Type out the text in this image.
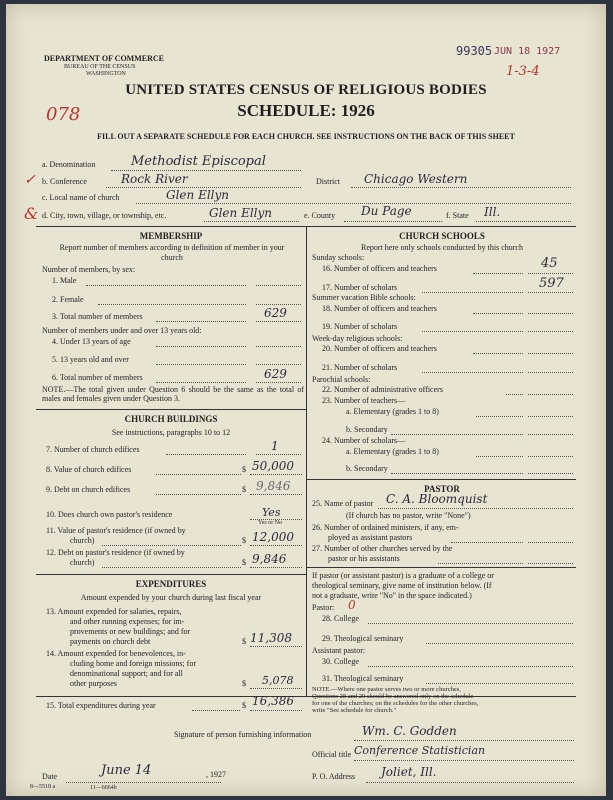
DEPARTMENT OF COMMERCE
BUREAU OF THE CENSUS
WASHINGTON
99305 JUN 18 1927
1-3-4
UNITED STATES CENSUS OF RELIGIOUS BODIES
SCHEDULE: 1926
078
FILL OUT A SEPARATE SCHEDULE FOR EACH CHURCH. SEE INSTRUCTIONS ON THE BACK OF THIS SHEET
a. Denomination	Methodist Episcopal
b. Conference	Rock River	District Chicago Western
✓
c. Local name of church	Glen Ellyn
& d. City, town, village, or township, etc.	Glen Ellyn	e. County Du Page	f. State Ill.
MEMBERSHIP
Report number of members according to definition of member in your church
Number of members, by sex:
1. Male
2. Female
3. Total number of members	629
Number of members under and over 13 years old:
4. Under 13 years of age
5. 13 years old and over
6. Total number of members	629
NOTE.—The total given under Question 6 should be the same as the total of males and females given under Question 3.
CHURCH BUILDINGS
See instructions, paragraphs 10 to 12
7. Number of church edifices	1
8. Value of church edifices	$ 50,000
9. Debt on church edifices	$ 9,846
10. Does church own pastor's residence	Yes
Yes or No
11. Value of pastor's residence (if owned by
church)	$ 12,000
12. Debt on pastor's residence (if owned by
church)	$ 9,846
EXPENDITURES
Amount expended by your church during last fiscal year
13. Amount expended for salaries, repairs,
and other running expenses; for im-
provements or new buildings; and for
payments on church debt	$ 11,308
14. Amount expended for benevolences, in-
cluding home and foreign missions; for
denominational support; and for all
other purposes	$ 5,078
15. Total expenditures during year	$ 16,386
CHURCH SCHOOLS
Report here only schools conducted by this church
Sunday schools:
16. Number of officers and teachers	45
17. Number of scholars	597
Summer vacation Bible schools:
18. Number of officers and teachers
19. Number of scholars
Week-day religious schools:
20. Number of officers and teachers
21. Number of scholars
Parochial schools:
22. Number of administrative officers
23. Number of teachers—
a. Elementary (grades 1 to 8)
b. Secondary
24. Number of scholars—
a. Elementary (grades 1 to 8)
b. Secondary
PASTOR
25. Name of pastor C. A. Bloomquist
(If church has no pastor, write "None")
26. Number of ordained ministers, if any, em-
ployed as assistant pastors
27. Number of other churches served by the
pastor or his assistants
If pastor (or assistant pastor) is a graduate of a college or
theological seminary, give name of institution below. (If
not a graduate, write "No" in the space indicated.)
Pastor: 0
28. College
29. Theological seminary
Assistant pastor:
30. College
31. Theological seminary
NOTE.—Where one pastor serves two or more churches,
Questions 28 and 29 should be answered only on the schedule
for one of the churches; on the schedules for the other churches,
write "See schedule for church."
Signature of person furnishing information	Wm. C. Godden
Official title Conference Statistician
Date	June 14	, 1927	P. O. Address Joliet, Ill.
8—5518 a	11—6664b
